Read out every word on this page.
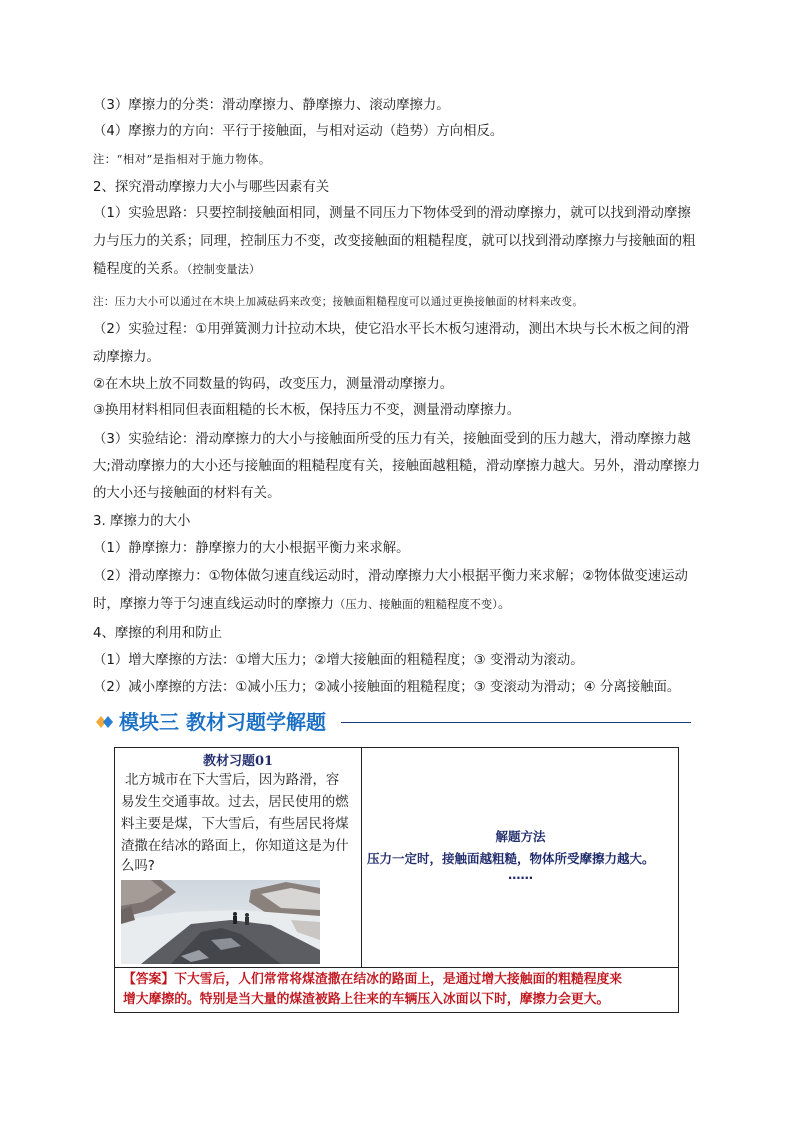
（3）摩擦力的分类：滑动摩擦力、静摩擦力、滚动摩擦力。
（4）摩擦力的方向：平行于接触面，与相对运动（趋势）方向相反。
注：“相对”是指相对于施力物体。
2、探究滑动摩擦力大小与哪些因素有关
（1）实验思路：只要控制接触面相同，测量不同压力下物体受到的滑动摩擦力，就可以找到滑动摩擦
力与压力的关系；同理，控制压力不变，改变接触面的粗糙程度，就可以找到滑动摩擦力与接触面的粗
糙程度的关系。（控制变量法）
注：压力大小可以通过在木块上加减砝码来改变；接触面粗糙程度可以通过更换接触面的材料来改变。
（2）实验过程：①用弹簧测力计拉动木块，使它沿水平长木板匀速滑动，测出木块与长木板之间的滑
动摩擦力。
②在木块上放不同数量的钩码，改变压力，测量滑动摩擦力。
③换用材料相同但表面粗糙的长木板，保持压力不变，测量滑动摩擦力。
（3）实验结论：滑动摩擦力的大小与接触面所受的压力有关，接触面受到的压力越大，滑动摩擦力越
大;滑动摩擦力的大小还与接触面的粗糙程度有关，接触面越粗糙，滑动摩擦力越大。另外，滑动摩擦力
的大小还与接触面的材料有关。
3. 摩擦力的大小
（1）静摩擦力：静摩擦力的大小根据平衡力来求解。
（2）滑动摩擦力：①物体做匀速直线运动时，滑动摩擦力大小根据平衡力来求解；②物体做变速运动
时，摩擦力等于匀速直线运动时的摩擦力（压力、接触面的粗糙程度不变）。
4、摩擦的利用和防止
（1）增大摩擦的方法：①增大压力；②增大接触面的粗糙程度；③ 变滑动为滚动。
（2）减小摩擦的方法：①减小压力；②减小接触面的粗糙程度；③ 变滚动为滑动；④ 分离接触面。
模块三 教材习题学解题
教材习题01
北方城市在下大雪后，因为路滑，容
易发生交通事故。过去，居民使用的燃
料主要是煤，下大雪后，有些居民将煤
渣撒在结冰的路面上，你知道这是为什
么吗?
解题方法
压力一定时，接触面越粗糙，物体所受摩擦力越大。
……
【答案】下大雪后，人们常常将煤渣撒在结冰的路面上，是通过增大接触面的粗糙程度来
增大摩擦的。特别是当大量的煤渣被路上往来的车辆压入冰面以下时，摩擦力会更大。
